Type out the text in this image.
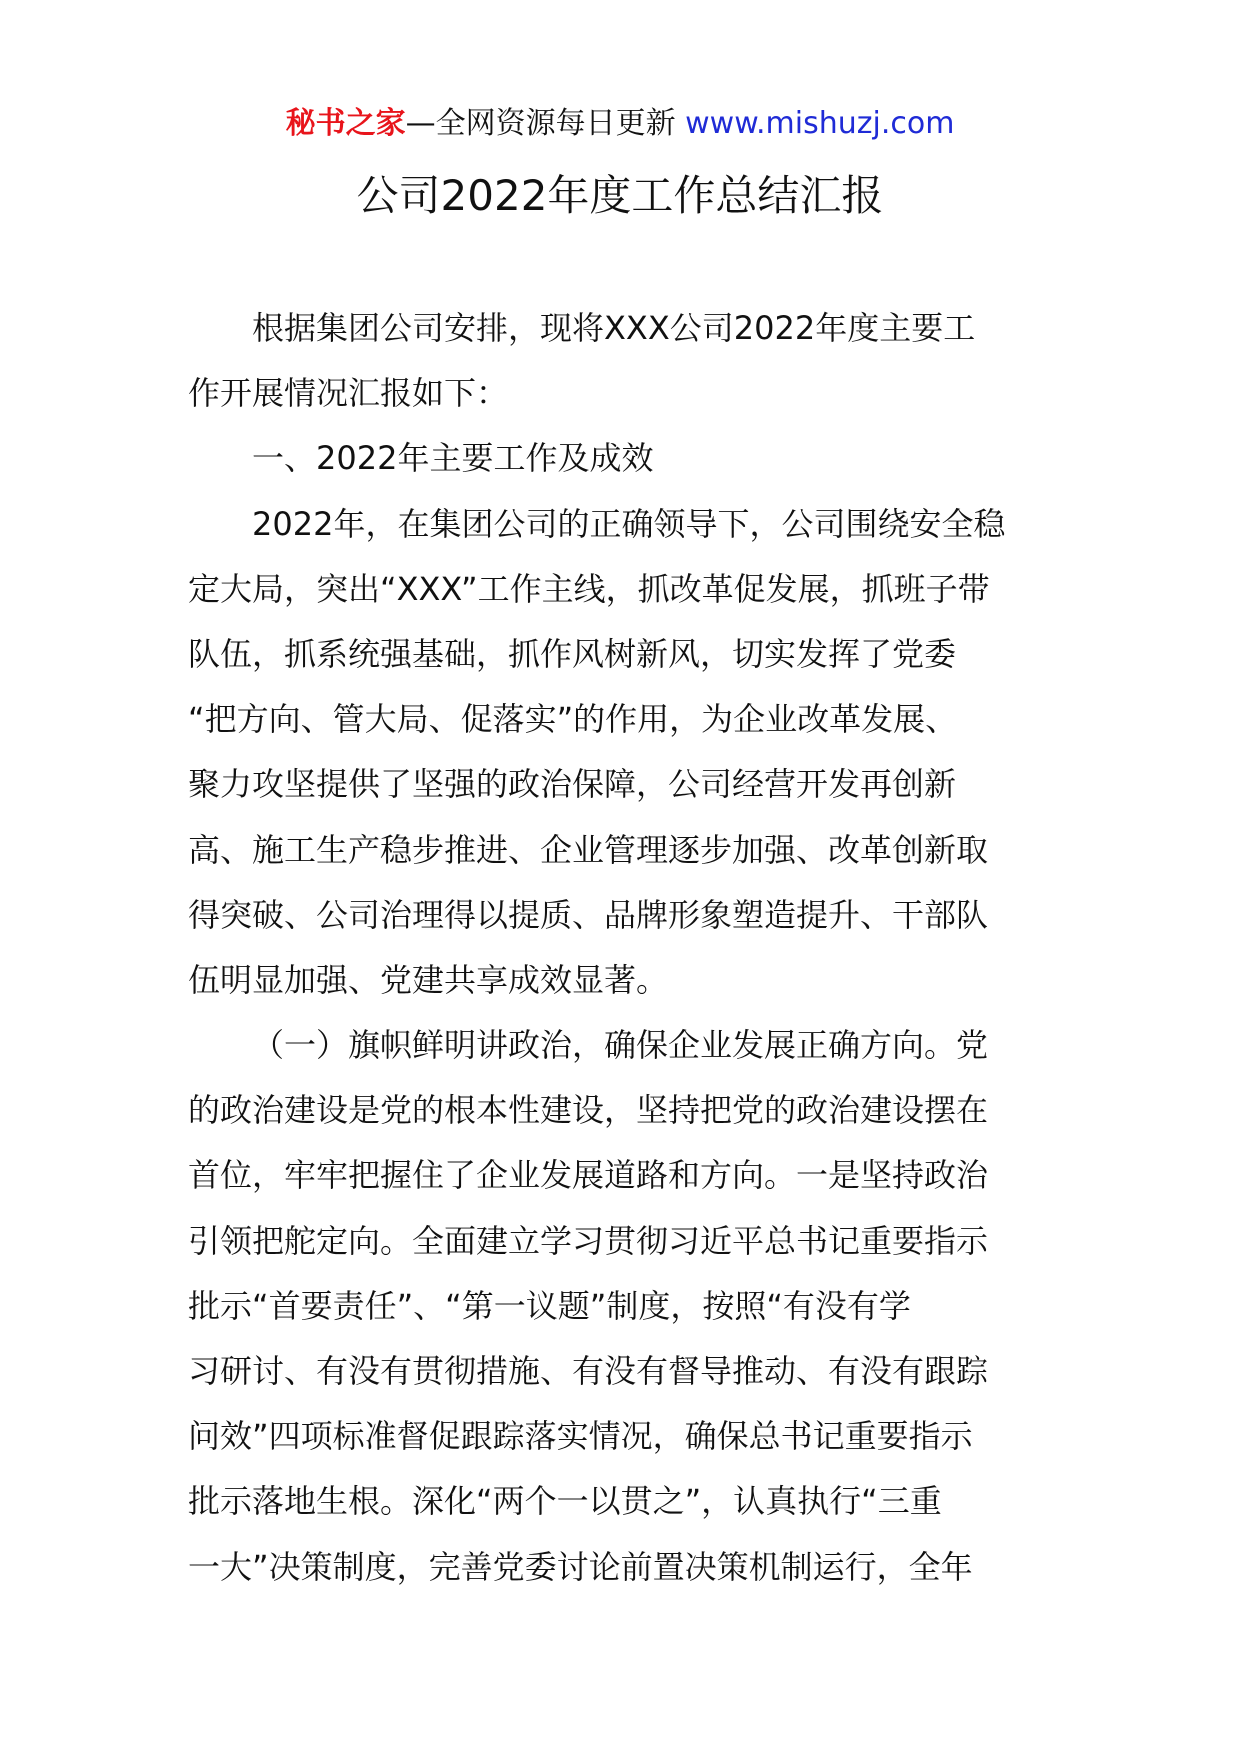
秘书之家—全网资源每日更新 www.mishuzj.com
公司2022年度工作总结汇报
根据集团公司安排，现将XXX公司2022年度主要工
作开展情况汇报如下：
一、2022年主要工作及成效
2022年，在集团公司的正确领导下，公司围绕安全稳
定大局，突出“XXX”工作主线，抓改革促发展，抓班子带
队伍，抓系统强基础，抓作风树新风，切实发挥了党委
“把方向、管大局、促落实”的作用，为企业改革发展、
聚力攻坚提供了坚强的政治保障，公司经营开发再创新
高、施工生产稳步推进、企业管理逐步加强、改革创新取
得突破、公司治理得以提质、品牌形象塑造提升、干部队
伍明显加强、党建共享成效显著。
（一）旗帜鲜明讲政治，确保企业发展正确方向。党
的政治建设是党的根本性建设，坚持把党的政治建设摆在
首位，牢牢把握住了企业发展道路和方向。一是坚持政治
引领把舵定向。全面建立学习贯彻习近平总书记重要指示
批示“首要责任”、“第一议题”制度，按照“有没有学
习研讨、有没有贯彻措施、有没有督导推动、有没有跟踪
问效”四项标准督促跟踪落实情况，确保总书记重要指示
批示落地生根。深化“两个一以贯之”，认真执行“三重
一大”决策制度，完善党委讨论前置决策机制运行，全年
